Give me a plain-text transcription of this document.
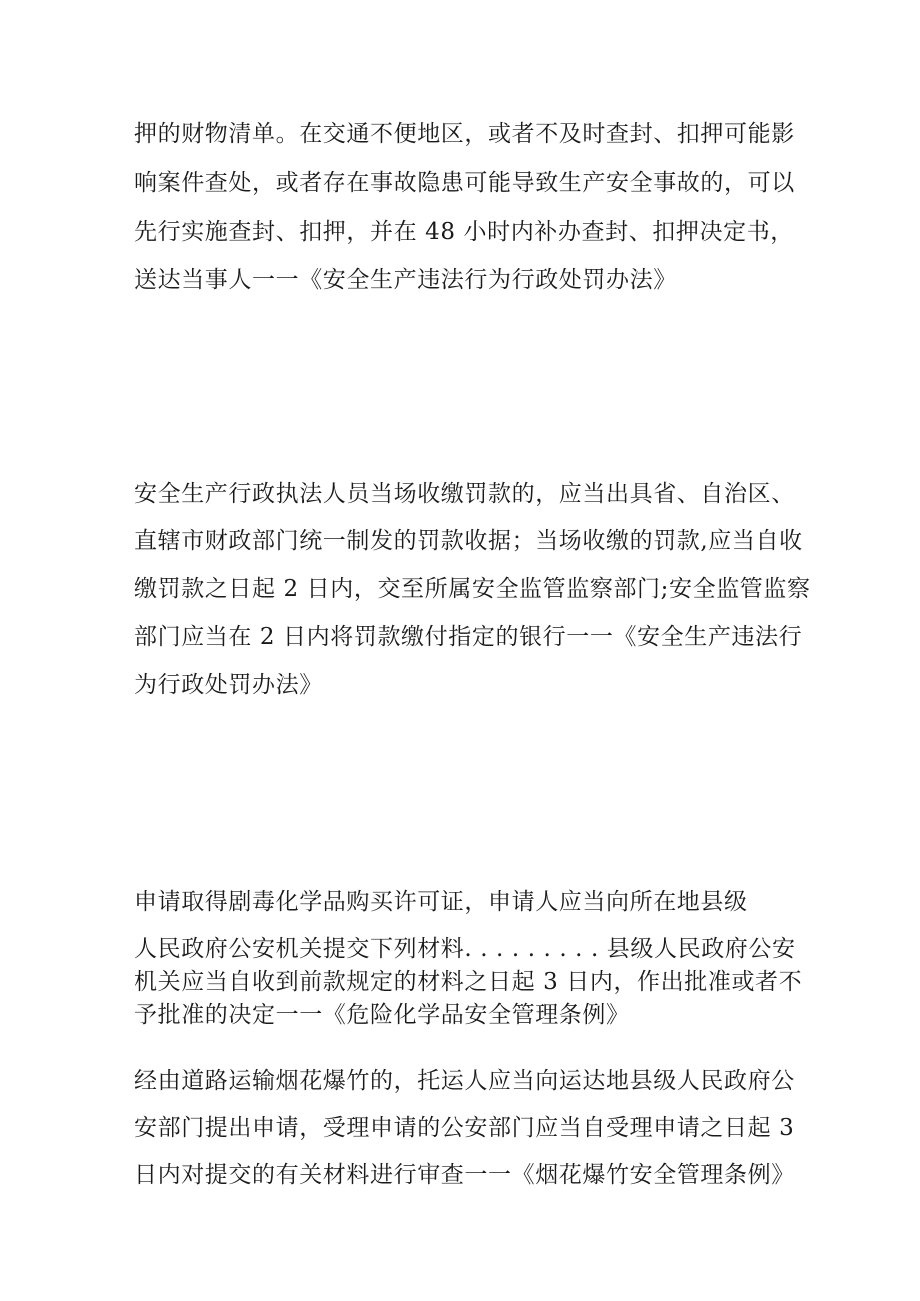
押的财物清单。在交通不便地区，或者不及时查封、扣押可能影
响案件查处，或者存在事故隐患可能导致生产安全事故的，可以
先行实施查封、扣押，并在 48 小时内补办查封、扣押决定书，
送达当事人一一《安全生产违法行为行政处罚办法》
安全生产行政执法人员当场收缴罚款的，应当出具省、自治区、
直辖市财政部门统一制发的罚款收据；当场收缴的罚款,应当自收
缴罚款之日起 2 日内，交至所属安全监管监察部门;安全监管监察
部门应当在 2 日内将罚款缴付指定的银行一一《安全生产违法行
为行政处罚办法》
申请取得剧毒化学品购买许可证，申请人应当向所在地县级
人民政府公安机关提交下列材料. . . . . . . . . 县级人民政府公安
机关应当自收到前款规定的材料之日起 3 日内，作出批准或者不
予批准的决定一一《危险化学品安全管理条例》
经由道路运输烟花爆竹的，托运人应当向运达地县级人民政府公
安部门提出申请，受理申请的公安部门应当自受理申请之日起 3
日内对提交的有关材料进行审查一一《烟花爆竹安全管理条例》
